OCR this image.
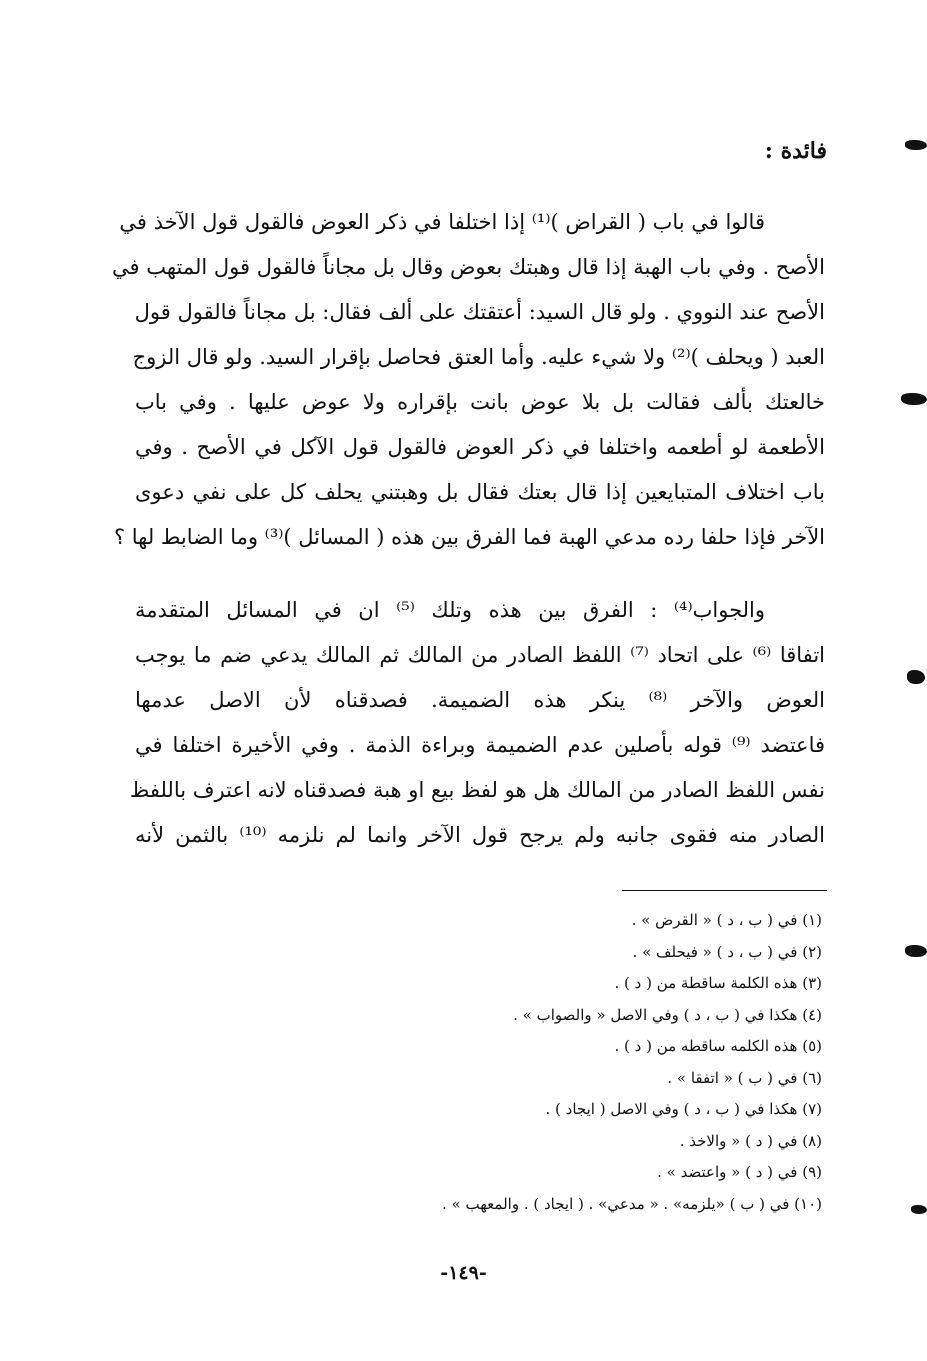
فائدة :
قالوا في باب ( القراض )⁽¹⁾ إذا اختلفا في ذكر العوض فالقول قول الآخذ في
الأصح . وفي باب الهبة إذا قال وهبتك بعوض وقال بل مجاناً فالقول قول المتهب في
الأصح عند النووي . ولو قال السيد: أعتقتك على ألف فقال: بل مجاناً فالقول قول
العبد ( ويحلف )⁽²⁾ ولا شيء عليه. وأما العتق فحاصل بإقرار السيد. ولو قال الزوج
خالعتك بألف فقالت بل بلا عوض بانت بإقراره ولا عوض عليها . وفي باب
الأطعمة لو أطعمه واختلفا في ذكر العوض فالقول قول الآكل في الأصح . وفي
باب اختلاف المتبايعين إذا قال بعتك فقال بل وهبتني يحلف كل على نفي دعوى
الآخر فإذا حلفا رده مدعي الهبة فما الفرق بين هذه ( المسائل )⁽³⁾ وما الضابط لها ؟
والجواب⁽⁴⁾ : الفرق بين هذه وتلك ⁽⁵⁾ ان في المسائل المتقدمة
اتفاقا ⁽⁶⁾ على اتحاد ⁽⁷⁾ اللفظ الصادر من المالك ثم المالك يدعي ضم ما يوجب
العوض والآخر ⁽⁸⁾ ينكر هذه الضميمة. فصدقناه لأن الاصل عدمها
فاعتضد ⁽⁹⁾ قوله بأصلين عدم الضميمة وبراءة الذمة . وفي الأخيرة اختلفا في
نفس اللفظ الصادر من المالك هل هو لفظ بيع او هبة فصدقناه لانه اعترف باللفظ
الصادر منه فقوى جانبه ولم يرجح قول الآخر وانما لم نلزمه ⁽¹⁰⁾ بالثمن لأنه
(١) في ( ب ، د ) « القرض » .
(٢) في ( ب ، د ) « فيحلف » .
(٣) هذه الكلمة ساقطة من ( د ) .
(٤) هكذا في ( ب ، د ) وفي الاصل « والصواب » .
(٥) هذه الكلمه ساقطه من ( د ) .
(٦) في ( ب ) « اتفقا » .
(٧) هكذا في ( ب ، د ) وفي الاصل ( ايجاد ) .
(٨) في ( د ) « والاخذ .
(٩) في ( د ) « واعتضد » .
(١٠) في ( ب ) «يلزمه» . « مدعي» . ( ايجاد ) . والمعهب » .
-١٤٩-
